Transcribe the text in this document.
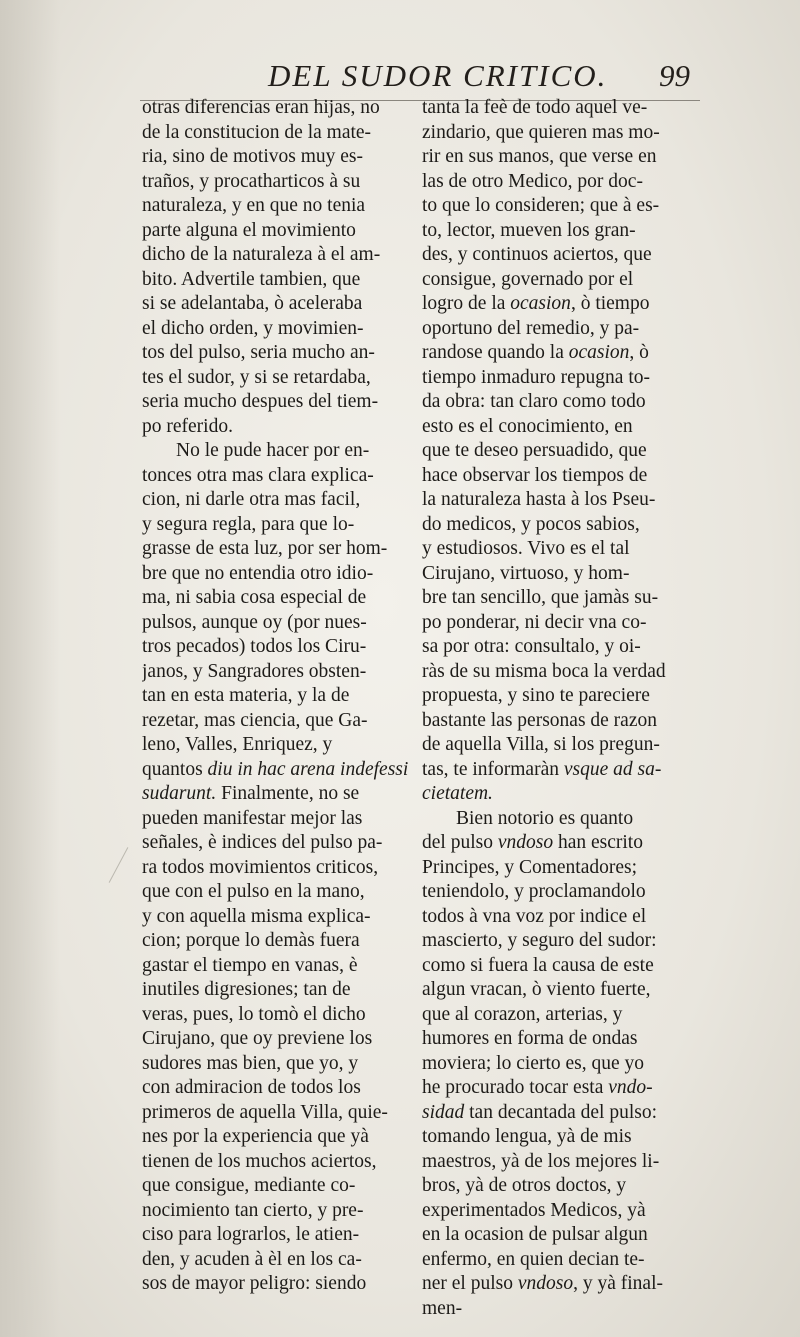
DEL SUDOR CRITICO. 99
otras diferencias eran hijas, no
de la constitucion de la mate-
ria, sino de motivos muy es-
traños, y procatharticos à su
naturaleza, y en que no tenia
parte alguna el movimiento
dicho de la naturaleza à el am-
bito. Advertile tambien, que
si se adelantaba, ò aceleraba
el dicho orden, y movimien-
tos del pulso, seria mucho an-
tes el sudor, y si se retardaba,
seria mucho despues del tiem-
po referido.
No le pude hacer por en-
tonces otra mas clara explica-
cion, ni darle otra mas facil,
y segura regla, para que lo-
grasse de esta luz, por ser hom-
bre que no entendia otro idio-
ma, ni sabia cosa especial de
pulsos, aunque oy (por nues-
tros pecados) todos los Ciru-
janos, y Sangradores obsten-
tan en esta materia, y la de
rezetar, mas ciencia, que Ga-
leno, Valles, Enriquez, y
quantos diu in hac arena indefessi
sudarunt. Finalmente, no se
pueden manifestar mejor las
señales, è indices del pulso pa-
ra todos movimientos criticos,
que con el pulso en la mano,
y con aquella misma explica-
cion; porque lo demàs fuera
gastar el tiempo en vanas, è
inutiles digresiones; tan de
veras, pues, lo tomò el dicho
Cirujano, que oy previene los
sudores mas bien, que yo, y
con admiracion de todos los
primeros de aquella Villa, quie-
nes por la experiencia que yà
tienen de los muchos aciertos,
que consigue, mediante co-
nocimiento tan cierto, y pre-
ciso para lograrlos, le atien-
den, y acuden à èl en los ca-
sos de mayor peligro: siendo
tanta la feè de todo aquel ve-
zindario, que quieren mas mo-
rir en sus manos, que verse en
las de otro Medico, por doc-
to que lo consideren; que à es-
to, lector, mueven los gran-
des, y continuos aciertos, que
consigue, governado por el
logro de la ocasion, ò tiempo
oportuno del remedio, y pa-
randose quando la ocasion, ò
tiempo inmaduro repugna to-
da obra: tan claro como todo
esto es el conocimiento, en
que te deseo persuadido, que
hace observar los tiempos de
la naturaleza hasta à los Pseu-
do medicos, y pocos sabios,
y estudiosos. Vivo es el tal
Cirujano, virtuoso, y hom-
bre tan sencillo, que jamàs su-
po ponderar, ni decir vna co-
sa por otra: consultalo, y oi-
ràs de su misma boca la verdad
propuesta, y sino te pareciere
bastante las personas de razon
de aquella Villa, si los pregun-
tas, te informaràn vsque ad sa-
cietatem.
Bien notorio es quanto
del pulso vndoso han escrito
Principes, y Comentadores;
teniendolo, y proclamandolo
todos à vna voz por indice el
mascierto, y seguro del sudor:
como si fuera la causa de este
algun vracan, ò viento fuerte,
que al corazon, arterias, y
humores en forma de ondas
moviera; lo cierto es, que yo
he procurado tocar esta vndo-
sidad tan decantada del pulso:
tomando lengua, yà de mis
maestros, yà de los mejores li-
bros, yà de otros doctos, y
experimentados Medicos, yà
en la ocasion de pulsar algun
enfermo, en quien decian te-
ner el pulso vndoso, y yà final-
men-
